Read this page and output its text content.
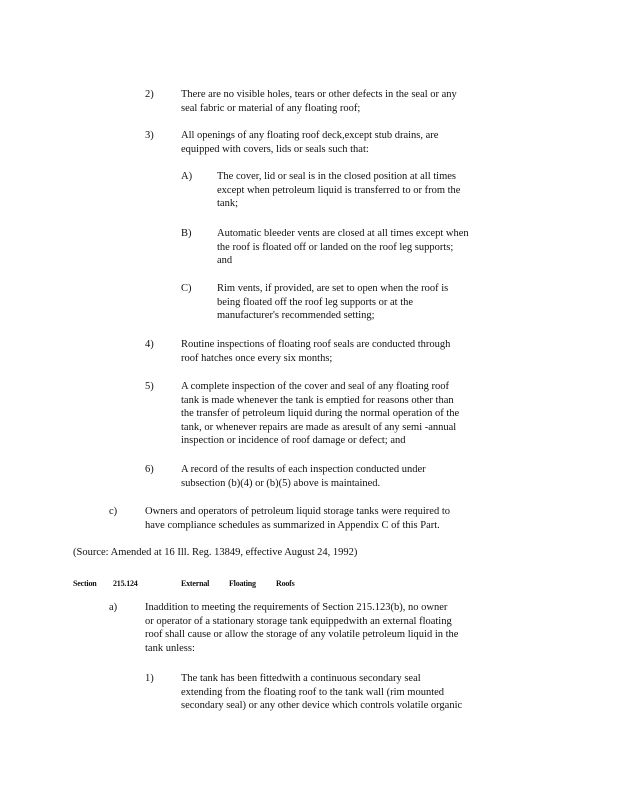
2)	There are no visible holes, tears or other defects in the seal or any
seal fabric or material of any floating roof;
3)	All openings of any floating roof deck,except stub drains, are
equipped with covers, lids or seals such that:
A) The cover, lid or seal is in the closed position at all times
except when petroleum liquid is transferred to or from the
tank;
B) Automatic bleeder vents are closed at all times except when
the roof is floated off or landed on the roof leg supports;
and
C) Rim vents, if provided, are set to open when the roof is
being floated off the roof leg supports or at the
manufacturer's recommended setting;
4)	Routine inspections of floating roof seals are conducted through
roof hatches once every six months;
5)	A complete inspection of the cover and seal of any floating roof
tank is made whenever the tank is emptied for reasons other than
the transfer of petroleum liquid during the normal operation of the
tank, or whenever repairs are made as aresult of any semi -annual
inspection or incidence of roof damage or defect; and
6)	A record of the results of each inspection conducted under
subsection (b)(4) or (b)(5) above is maintained.
c)	Owners and operators of petroleum liquid storage tanks were required to
have compliance schedules as summarized in Appendix C of this Part.
(Source: Amended at 16 Ill. Reg. 13849, effective August 24, 1992)
Section 215.124	External Floating	Roofs
a)	Inaddition to meeting the requirements of Section 215.123(b), no owner
or operator of a stationary storage tank equippedwith an external floating
roof shall cause or allow the storage of any volatile petroleum liquid in the
tank unless:
1)	The tank has been fittedwith a continuous secondary seal
extending from the floating roof to the tank wall (rim mounted
secondary seal) or any other device which controls volatile organic
